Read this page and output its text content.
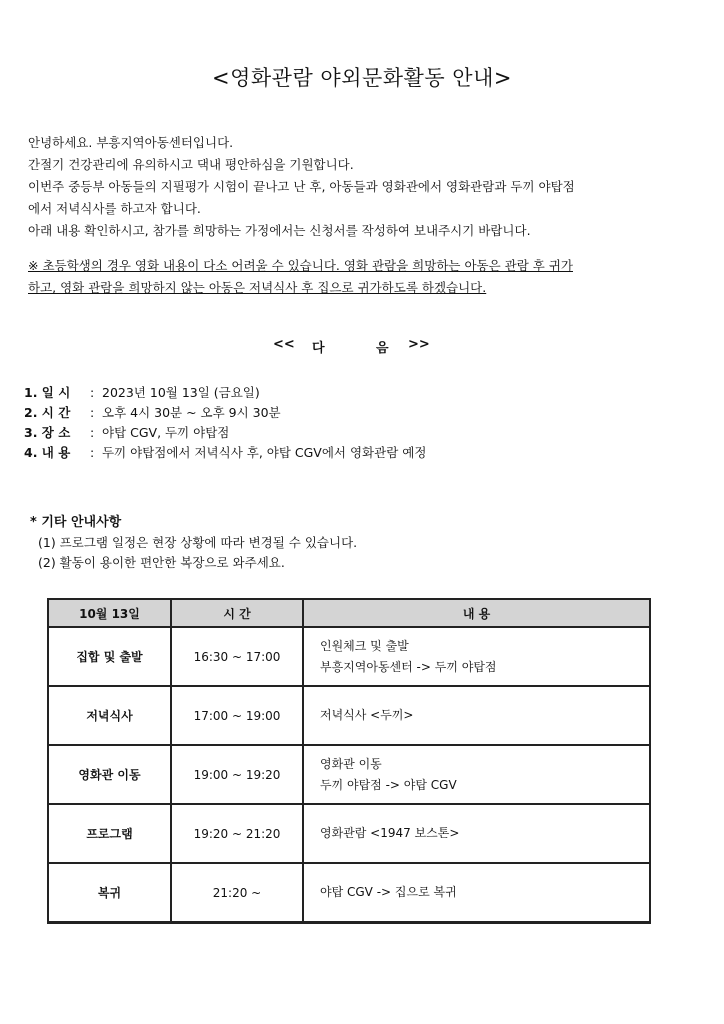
<영화관람 야외문화활동 안내>
안녕하세요. 부흥지역아동센터입니다.
간절기 건강관리에 유의하시고 댁내 평안하심을 기원합니다.
이번주 중등부 아동들의 지필평가 시험이 끝나고 난 후, 아동들과 영화관에서 영화관람과 두끼 야탑점
에서 저녁식사를 하고자 합니다.
아래 내용 확인하시고, 참가를 희망하는 가정에서는 신청서를 작성하여 보내주시기 바랍니다.
※ 초등학생의 경우 영화 내용이 다소 어려울 수 있습니다. 영화 관람을 희망하는 아동은 관람 후 귀가
하고, 영화 관람을 희망하지 않는 아동은 저녁식사 후 집으로 귀가하도록 하겠습니다.
<< 다	음 >>
1. 일 시 : 2023년 10월 13일 (금요일)
2. 시 간 : 오후 4시 30분 ~ 오후 9시 30분
3. 장 소 : 야탑 CGV, 두끼 야탑점
4. 내 용 : 두끼 야탑점에서 저녁식사 후, 야탑 CGV에서 영화관람 예정
* 기타 안내사항
(1) 프로그램 일정은 현장 상황에 따라 변경될 수 있습니다.
(2) 활동이 용이한 편안한 복장으로 와주세요.
10월 13일	시 간	내 용
집합 및 출발	16:30 ~ 17:00	인원체크 및 출발
부흥지역아동센터 -> 두끼 야탑점

저녁식사	17:00 ~ 19:00	저녁식사 <두끼>

영화관 이동	19:00 ~ 19:20	영화관 이동
두끼 야탑점 -> 야탑 CGV

프로그램	19:20 ~ 21:20	영화관람 <1947 보스톤>

복귀	21:20 ~	야탑 CGV -> 집으로 복귀
